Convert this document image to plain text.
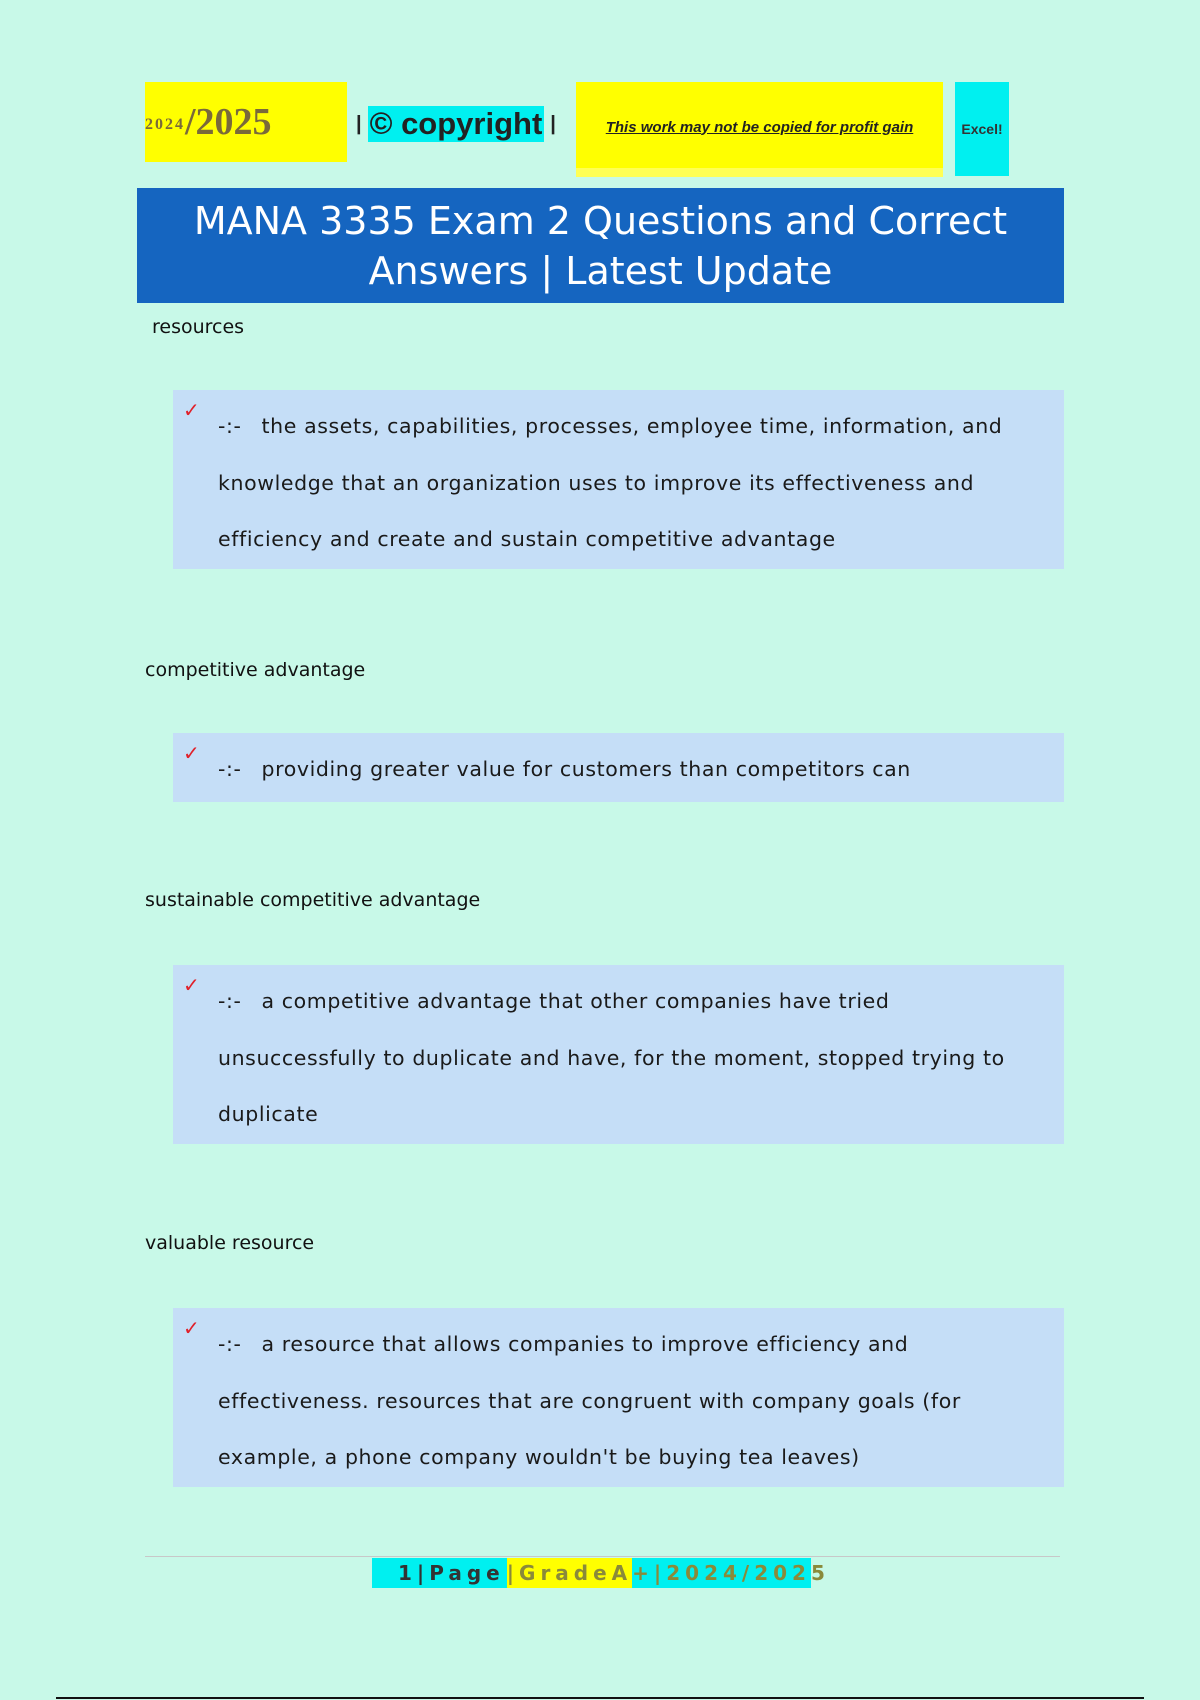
2024 /2025	| © copyright |	This work may not be copied for profit gain	Excel!
MANA 3335 Exam 2 Questions and Correct Answers | Latest Update
resources
✓
-:- the assets, capabilities, processes, employee time, information, and knowledge that an organization uses to improve its effectiveness and efficiency and create and sustain competitive advantage
competitive advantage
✓
-:- providing greater value for customers than competitors can
sustainable competitive advantage
✓
-:- a competitive advantage that other companies have tried unsuccessfully to duplicate and have, for the moment, stopped trying to duplicate
valuable resource
✓
-:- a resource that allows companies to improve efficiency and effectiveness. resources that are congruent with company goals (for example, a phone company wouldn't be buying tea leaves)
1|Page |GradeA +|2024/202 5
